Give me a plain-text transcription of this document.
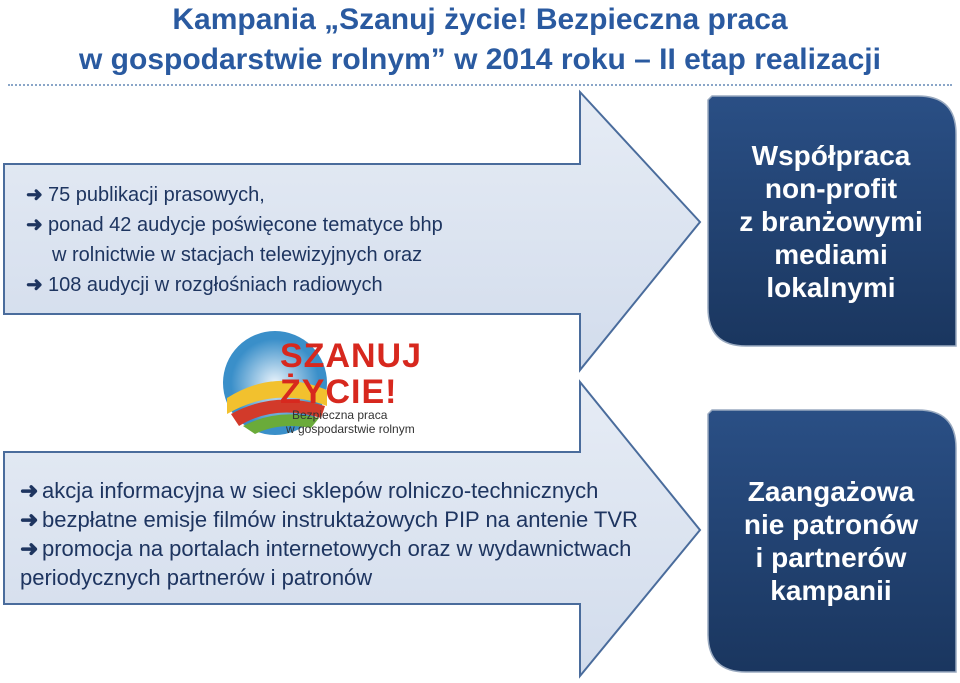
Kampania „Szanuj życie! Bezpieczna praca
w gospodarstwie rolnym” w 2014 roku – II etap realizacji
➜ 75 publikacji prasowych,
➜ ponad 42 audycje poświęcone tematyce bhp
w rolnictwie w stacjach telewizyjnych oraz
➜ 108 audycji w rozgłośniach radiowych
Współpraca
non-profit
z branżowymi
mediami
lokalnymi
SZANUJ
ŻYCIE!
Bezpieczna praca
w gospodarstwie rolnym
➜ akcja informacyjna w sieci sklepów rolniczo-technicznych
➜ bezpłatne emisje filmów instruktażowych PIP na antenie TVR
➜ promocja na portalach internetowych oraz w wydawnictwach
periodycznych partnerów i patronów
Zaangażowa
nie patronów
i partnerów
kampanii
